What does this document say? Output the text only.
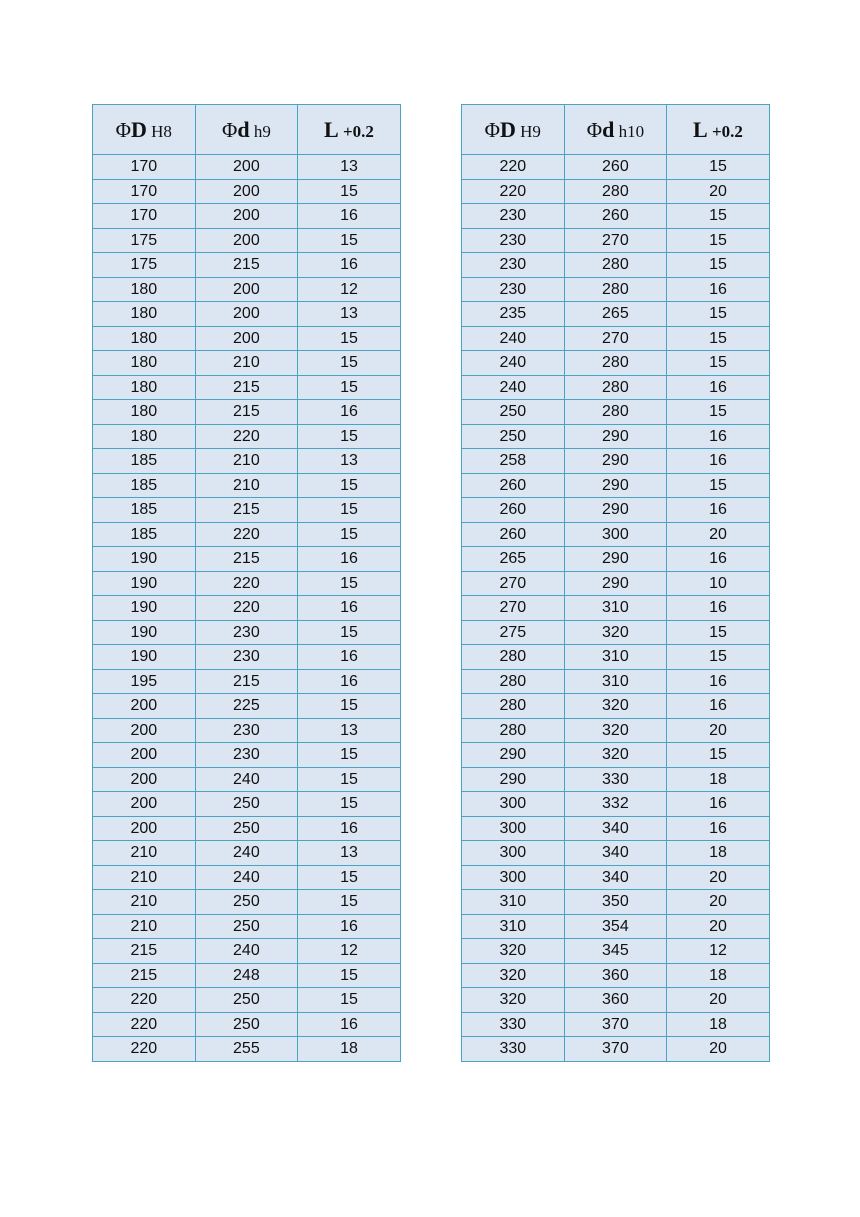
ΦD H8	Φd h9	L +0.2
170	200	13
170	200	15
170	200	16
175	200	15
175	215	16
180	200	12
180	200	13
180	200	15
180	210	15
180	215	15
180	215	16
180	220	15
185	210	13
185	210	15
185	215	15
185	220	15
190	215	16
190	220	15
190	220	16
190	230	15
190	230	16
195	215	16
200	225	15
200	230	13
200	230	15
200	240	15
200	250	15
200	250	16
210	240	13
210	240	15
210	250	15
210	250	16
215	240	12
215	248	15
220	250	15
220	250	16
220	255	18
ΦD H9	Φd h10	L +0.2
220	260	15
220	280	20
230	260	15
230	270	15
230	280	15
230	280	16
235	265	15
240	270	15
240	280	15
240	280	16
250	280	15
250	290	16
258	290	16
260	290	15
260	290	16
260	300	20
265	290	16
270	290	10
270	310	16
275	320	15
280	310	15
280	310	16
280	320	16
280	320	20
290	320	15
290	330	18
300	332	16
300	340	16
300	340	18
300	340	20
310	350	20
310	354	20
320	345	12
320	360	18
320	360	20
330	370	18
330	370	20
